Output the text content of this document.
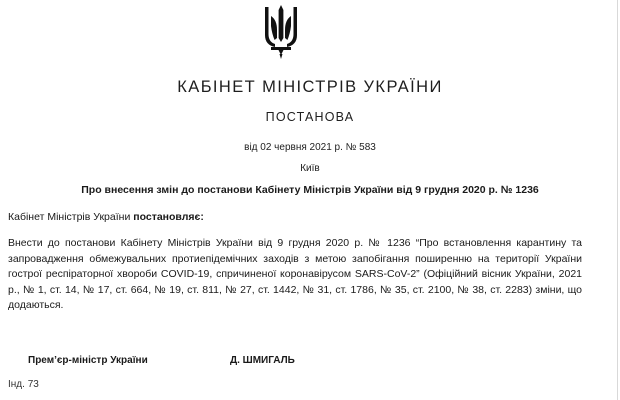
КАБІНЕТ МІНІСТРІВ УКРАЇНИ
ПОСТАНОВА
від 02 червня 2021 р. № 583
Київ
Про внесення змін до постанови Кабінету Міністрів України від 9 грудня 2020 р. № 1236
Кабінет Міністрів України постановляє:
Внести до постанови Кабінету Міністрів України від 9 грудня 2020 р. № 1236 “Про встановлення карантину та запровадження обмежувальних протиепідемічних заходів з метою запобігання поширенню на території України гострої респіраторної хвороби COVID-19, спричиненої коронавірусом SARS-CoV-2” (Офіційний вісник України, 2021 р., № 1, ст. 14, № 17, ст. 664, № 19, ст. 811, № 27, ст. 1442, № 31, ст. 1786, № 35, ст. 2100, № 38, ст. 2283) зміни, що додаються.
Прем’єр-міністр України	Д. ШМИГАЛЬ
Інд. 73
